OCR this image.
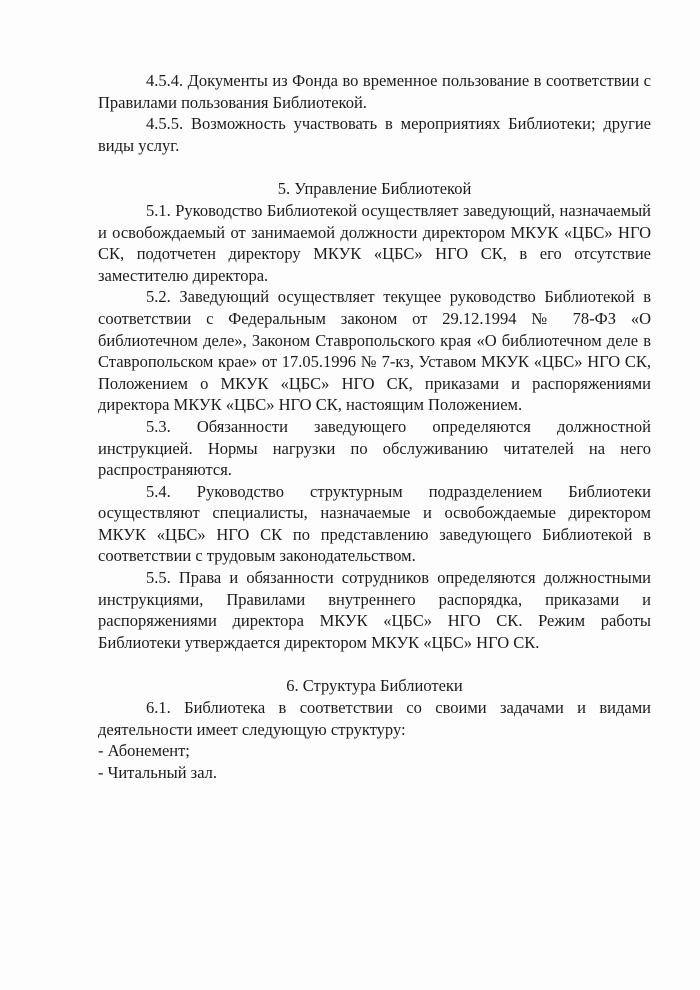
4.5.4. Документы из Фонда во временное пользование в соответствии с Правилами пользования Библиотекой.

4.5.5. Возможность участвовать в мероприятиях Библиотеки; другие виды услуг.

5. Управление Библиотекой

5.1. Руководство Библиотекой осуществляет заведующий, назначаемый и освобождаемый от занимаемой должности директором МКУК «ЦБС» НГО СК, подотчетен директору МКУК «ЦБС» НГО СК, в его отсутствие заместителю директора.

5.2. Заведующий осуществляет текущее руководство Библиотекой в соответствии с Федеральным законом от 29.12.1994 № 78-ФЗ «О библиотечном деле», Законом Ставропольского края «О библиотечном деле в Ставропольском крае» от 17.05.1996 № 7-кз, Уставом МКУК «ЦБС» НГО СК, Положением о МКУК «ЦБС» НГО СК, приказами и распоряжениями директора МКУК «ЦБС» НГО СК, настоящим Положением.

5.3. Обязанности заведующего определяются должностной инструкцией. Нормы нагрузки по обслуживанию читателей на него распространяются.

5.4. Руководство структурным подразделением Библиотеки осуществляют специалисты, назначаемые и освобождаемые директором МКУК «ЦБС» НГО СК по представлению заведующего Библиотекой в соответствии с трудовым законодательством.

5.5. Права и обязанности сотрудников определяются должностными инструкциями, Правилами внутреннего распорядка, приказами и распоряжениями директора МКУК «ЦБС» НГО СК. Режим работы Библиотеки утверждается директором МКУК «ЦБС» НГО СК.

6. Структура Библиотеки

6.1. Библиотека в соответствии со своими задачами и видами деятельности имеет следующую структуру:

- Абонемент;

- Читальный зал.
